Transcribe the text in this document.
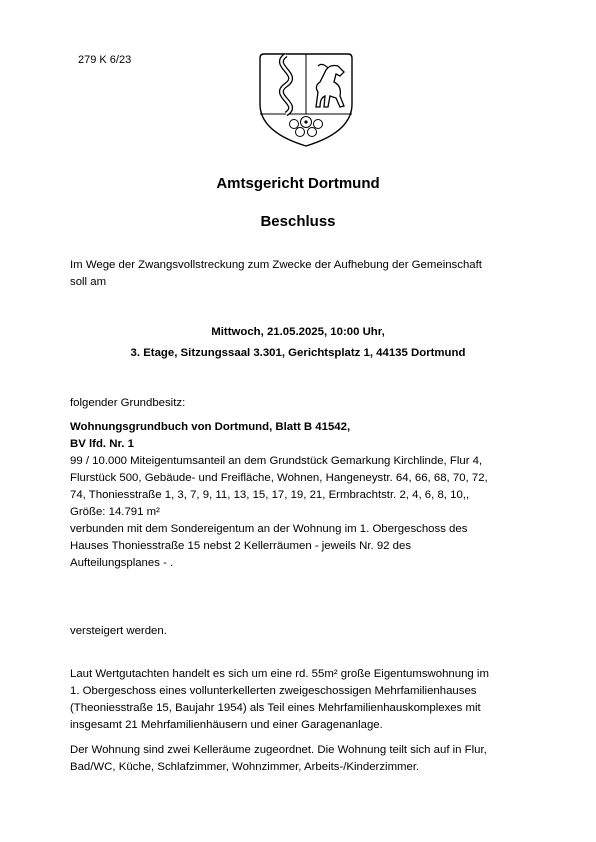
279 K 6/23
Amtsgericht Dortmund
Beschluss
Im Wege der Zwangsvollstreckung zum Zwecke der Aufhebung der Gemeinschaft
soll am
Mittwoch, 21.05.2025, 10:00 Uhr,
3. Etage, Sitzungssaal 3.301, Gerichtsplatz 1, 44135 Dortmund
folgender Grundbesitz:
Wohnungsgrundbuch von Dortmund, Blatt B 41542,
BV lfd. Nr. 1
99 / 10.000 Miteigentumsanteil an dem Grundstück Gemarkung Kirchlinde, Flur 4,
Flurstück 500, Gebäude- und Freifläche, Wohnen, Hangeneystr. 64, 66, 68, 70, 72,
74, Thoniesstraße 1, 3, 7, 9, 11, 13, 15, 17, 19, 21, Ermbrachtstr. 2, 4, 6, 8, 10,,
Größe: 14.791 m²
verbunden mit dem Sondereigentum an der Wohnung im 1. Obergeschoss des
Hauses Thoniesstraße 15 nebst 2 Kellerräumen - jeweils Nr. 92 des
Aufteilungsplanes - .
versteigert werden.
Laut Wertgutachten handelt es sich um eine rd. 55m² große Eigentumswohnung im
1. Obergeschoss eines vollunterkellerten zweigeschossigen Mehrfamilienhauses
(Theoniesstraße 15, Baujahr 1954) als Teil eines Mehrfamilienhauskomplexes mit
insgesamt 21 Mehrfamilienhäusern und einer Garagenanlage.
Der Wohnung sind zwei Kelleräume zugeordnet. Die Wohnung teilt sich auf in Flur,
Bad/WC, Küche, Schlafzimmer, Wohnzimmer, Arbeits-/Kinderzimmer.
